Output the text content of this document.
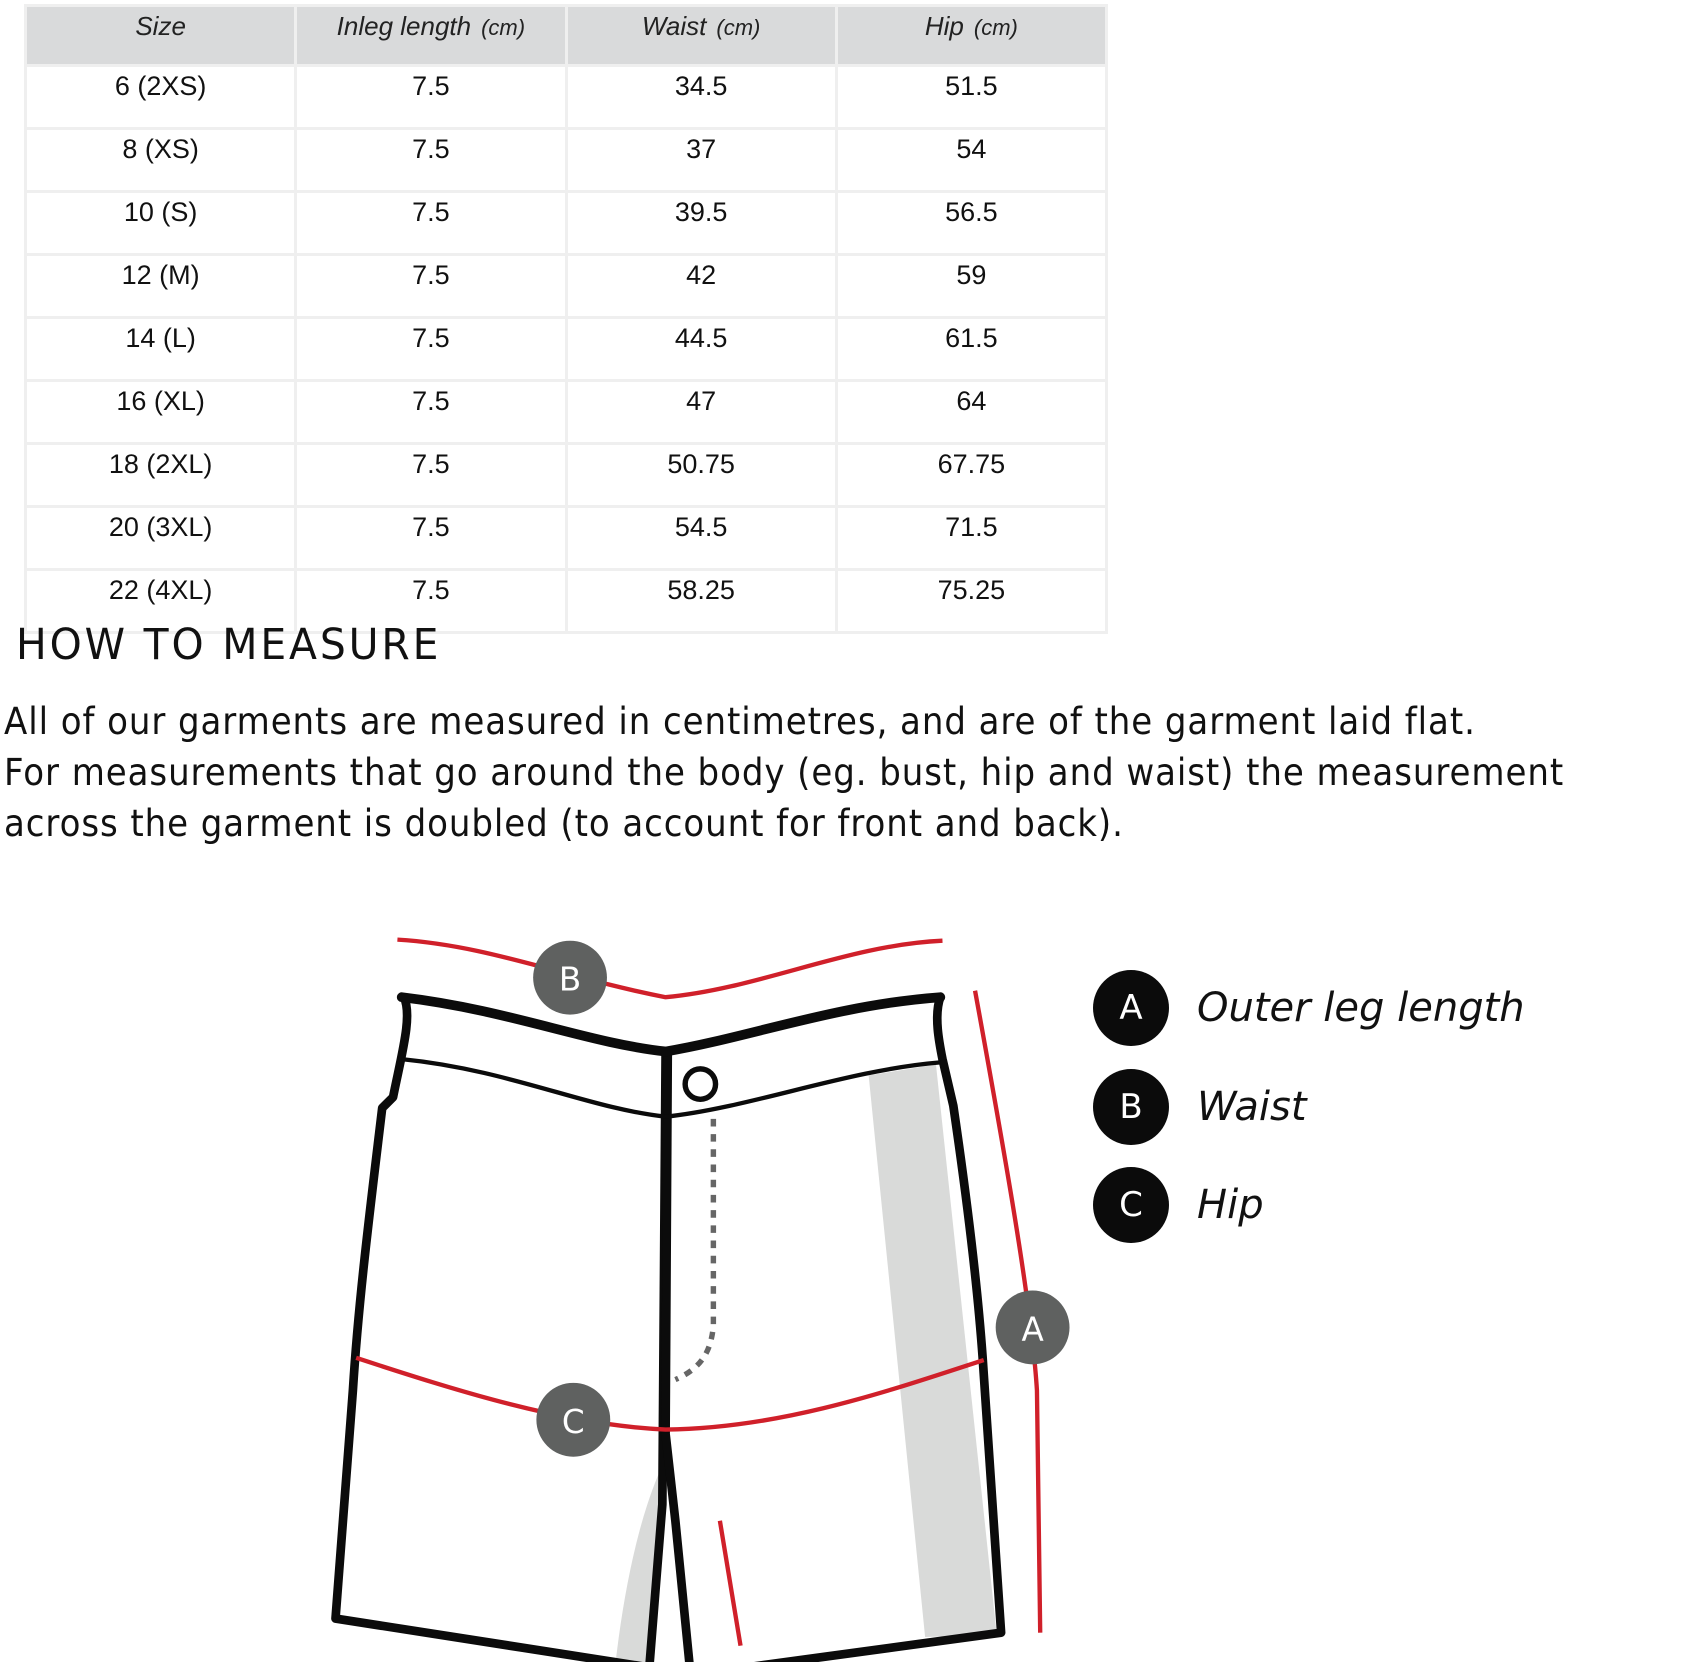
Size	Inleg length (cm)	Waist (cm)	Hip (cm)
6 (2XS)	7.5	34.5	51.5
8 (XS)	7.5	37	54
10 (S)	7.5	39.5	56.5
12 (M)	7.5	42	59
14 (L)	7.5	44.5	61.5
16 (XL)	7.5	47	64
18 (2XL)	7.5	50.75	67.75
20 (3XL)	7.5	54.5	71.5
22 (4XL)	7.5	58.25	75.25
HOW TO MEASURE

All of our garments are measured in centimetres, and are of the garment laid flat.
For measurements that go around the body (eg. bust, hip and waist) the measurement
across the garment is doubled (to account for front and back).

B
C
A
A	Outer leg length
B	Waist
C	Hip
